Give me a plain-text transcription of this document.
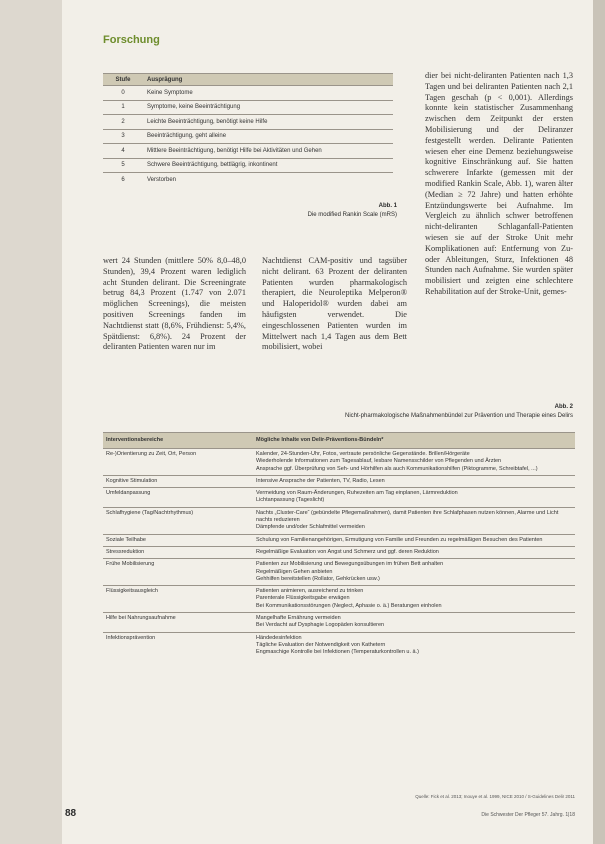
Forschung
Stufe	Ausprägung
0	Keine Symptome
1	Symptome, keine Beeinträchtigung
2	Leichte Beeinträchtigung, benötigt keine Hilfe
3	Beeinträchtigung, geht alleine
4	Mittlere Beeinträchtigung, benötigt Hilfe bei Aktivitäten und Gehen
5	Schwere Beeinträchtigung, bettlägrig, inkontinent
6	Verstorben
Abb. 1
Die modified Rankin Scale (mRS)
dier bei nicht-deliranten Patienten nach 1,3 Tagen und bei deliranten Patienten nach 2,1 Tagen geschah (p < 0,001). Allerdings konnte kein statistischer Zusammenhang zwischen dem Zeitpunkt der ersten Mobilisierung und der Deliranzer festgestellt werden. Delirante Patienten wiesen eher eine Demenz beziehungsweise kognitive Einschränkung auf. Sie hatten schwerere Infarkte (gemessen mit der modified Rankin Scale, Abb. 1), waren älter (Median ≥ 72 Jahre) und hatten erhöhte Entzündungswerte bei Aufnahme. Im Vergleich zu ähnlich schwer betroffenen nicht-deliranten Schlaganfall-Patienten wiesen sie auf der Stroke Unit mehr Komplikationen auf: Entfernung von Zu- oder Ableitungen, Sturz, Infektionen 48 Stunden nach Aufnahme. Sie wurden später mobilisiert und zeigten eine schlechtere Rehabilitation auf der Stroke-Unit, gemes-
wert 24 Stunden (mittlere 50% 8,0–48,0 Stunden), 39,4 Prozent waren lediglich acht Stunden delirant. Die Screeningrate betrug 84,3 Prozent (1.747 von 2.071 möglichen Screenings), die meisten positiven Screenings fanden im Nachtdienst statt (8,6%, Frühdienst: 5,4%, Spätdienst: 6,8%). 24 Prozent der deliranten Patienten waren nur im
Nachtdienst CAM-positiv und tagsüber nicht delirant. 63 Prozent der deliranten Patienten wurden pharmakologisch therapiert, die Neuroleptika Melperon® und Haloperidol® wurden dabei am häufigsten verwendet. Die eingeschlossenen Patienten wurden im Mittelwert nach 1,4 Tagen aus dem Bett mobilisiert, wobei
Abb. 2
Nicht-pharmakologische Maßnahmenbündel zur Prävention und Therapie eines Delirs
Interventionsbereiche	Mögliche Inhalte von Delir-Präventions-Bündeln*
Re-)Orientierung zu Zeit, Ort, Person	Kalender, 24-Stunden-Uhr, Fotos, vertraute persönliche Gegenstände. Brillen/Hörgeräte
Wiederholende Informationen zum Tagesablauf, lesbare Namensschilder von Pflegenden und Ärzten
Ansprache ggf. Überprüfung von Seh- und Hörhilfen als auch Kommunikationshilfen (Piktogramme, Schreibtafel, ...)

Kognitive Stimulation	Intensive Ansprache der Patienten, TV, Radio, Lesen

Umfeldanpassung	Vermeidung von Raum-Änderungen, Ruhezeiten am Tag einplanen, Lärmreduktion
Lichtanpassung (Tageslicht)

Schlafhygiene (Tag/Nachtrhythmus)	Nachts „Cluster-Care“ (gebündelte Pflegemaßnahmen), damit Patienten ihre Schlafphasen nutzen können, Alarme und Licht nachts reduzieren
Dämpfende und/oder Schlafmittel vermeiden

Soziale Teilhabe	Schulung von Familienangehörigen, Ermutigung von Familie und Freunden zu regelmäßigen Besuchen des Patienten

Stressreduktion	Regelmäßige Evaluation von Angst und Schmerz und ggf. deren Reduktion

Frühe Mobilisierung	Patienten zur Mobilisierung und Bewegungsübungen im frühen Bett anhalten
Regelmäßigen Gehen anbieten
Gehhilfen bereitstellen (Rollator, Gehkrücken usw.)

Flüssigkeitsausgleich	Patienten animieren, ausreichend zu trinken
Parenterale Flüssigkeitsgabe erwägen
Bei Kommunikationsstörungen (Neglect, Aphasie o. ä.) Beratungen einholen

Hilfe bei Nahrungsaufnahme	Mangelhafte Ernährung vermeiden
Bei Verdacht auf Dysphagie Logopäden konsultieren

Infektionsprävention	Händedesinfektion
Tägliche Evaluation der Notwendigkeit von Kathetern
Engmaschige Kontrolle bei Infektionen (Temperaturkontrollen u. ä.)
Quelle: Fick et al. 2013; Inouye et al. 1999, NICE 2010 / S-Guidelines Delir 2011
88	Die Schwester Der Pfleger 57. Jahrg. 1|18
